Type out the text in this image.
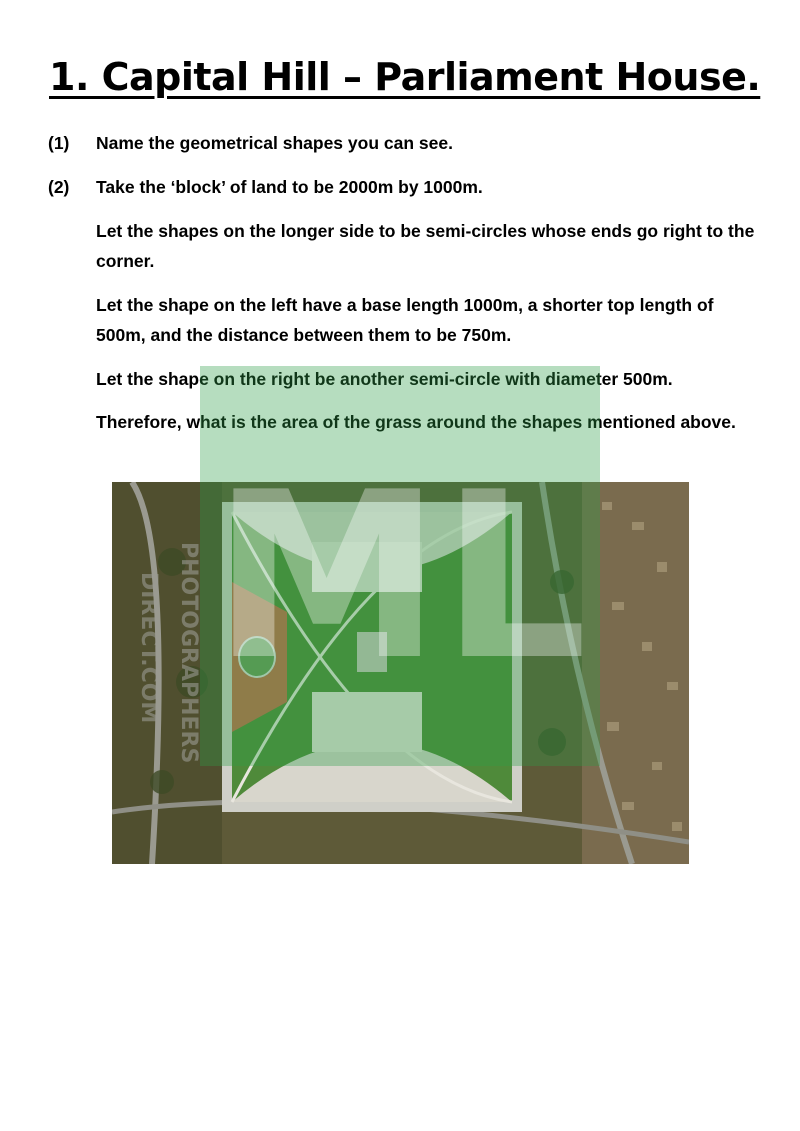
1. Capital Hill – Parliament House.
(1) Name the geometrical shapes you can see.
(2) Take the ‘block’ of land to be 2000m by 1000m.

Let the shapes on the longer side to be semi-circles whose ends go right to the corner.

Let the shape on the left have a base length 1000m, a shorter top length of 500m, and the distance between them to be 750m.

Let the shape on the right be another semi-circle with diameter 500m.

Therefore, what is the area of the grass around the shapes mentioned above.

PHOTOGRAPHERS
DIRECT.COM ML
